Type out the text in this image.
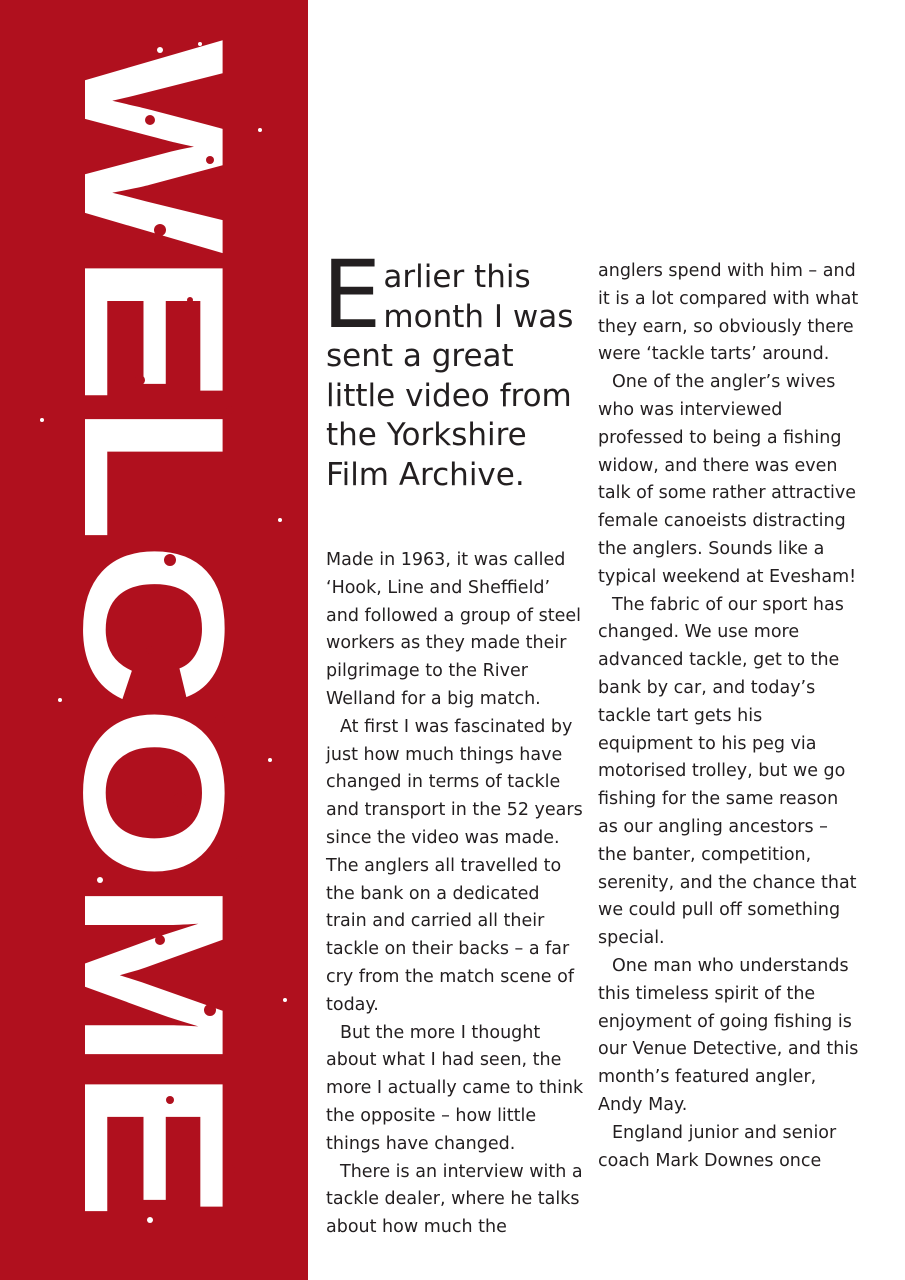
WELCOME Earlier this month I was sent a great little video from the Yorkshire Film Archive.

Made in 1963, it was called ‘Hook, Line and Sheffield’ and followed a group of steel workers as they made their pilgrimage to the River Welland for a big match.

At first I was fascinated by just how much things have changed in terms of tackle and transport in the 52 years since the video was made. The anglers all travelled to the bank on a dedicated train and carried all their tackle on their backs – a far cry from the match scene of today.

But the more I thought about what I had seen, the more I actually came to think the opposite – how little things have changed.

There is an interview with a tackle dealer, where he talks about how much the

anglers spend with him – and it is a lot compared with what they earn, so obviously there were ‘tackle tarts’ around.

One of the angler’s wives who was interviewed professed to being a fishing widow, and there was even talk of some rather attractive female canoeists distracting the anglers. Sounds like a typical weekend at Evesham!

The fabric of our sport has changed. We use more advanced tackle, get to the bank by car, and today’s tackle tart gets his equipment to his peg via motorised trolley, but we go fishing for the same reason as our angling ancestors – the banter, competition, serenity, and the chance that we could pull off something special.

One man who understands this timeless spirit of the enjoyment of going fishing is our Venue Detective, and this month’s featured angler, Andy May.

England junior and senior coach Mark Downes once
